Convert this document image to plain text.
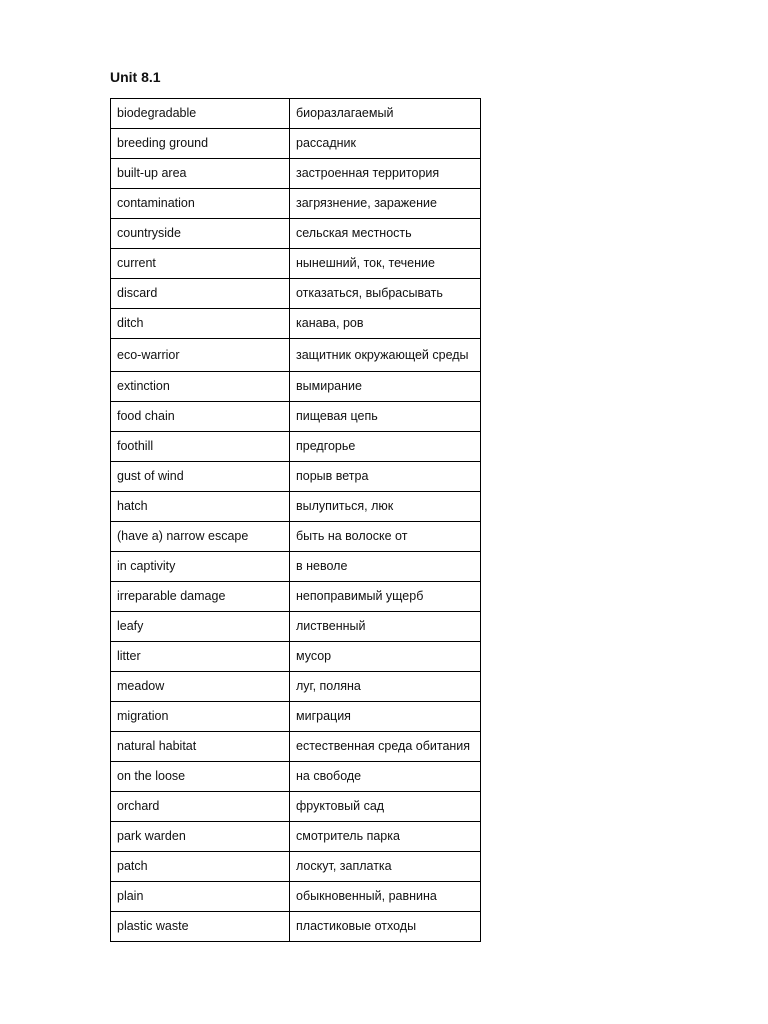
Unit 8.1
biodegradable	биоразлагаемый
breeding ground	рассадник
built-up area	застроенная территория
contamination	загрязнение, заражение
countryside	сельская местность
current	нынешний, ток, течение
discard	отказаться, выбрасывать
ditch	канава, ров
eco-warrior	защитник окружающей среды
extinction	вымирание
food chain	пищевая цепь
foothill	предгорье
gust of wind	порыв ветра
hatch	вылупиться, люк
(have a) narrow escape	быть на волоске от
in captivity	в неволе
irreparable damage	непоправимый ущерб
leafy	лиственный
litter	мусор
meadow	луг, поляна
migration	миграция
natural habitat	естественная среда обитания
on the loose	на свободе
orchard	фруктовый сад
park warden	смотритель парка
patch	лоскут, заплатка
plain	обыкновенный, равнина
plastic waste	пластиковые отходы
